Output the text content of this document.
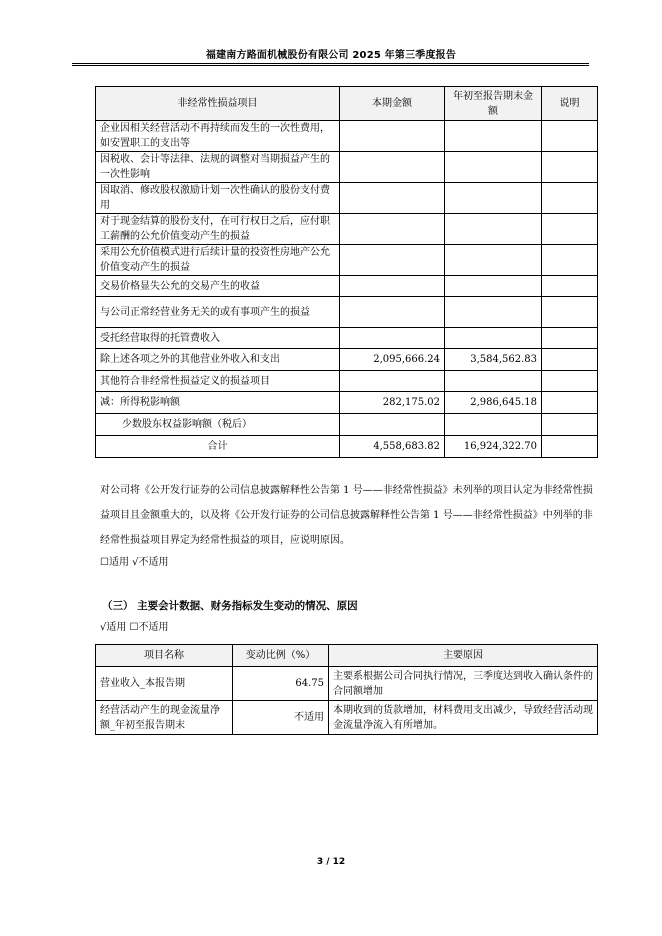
福建南方路面机械股份有限公司 2025 年第三季度报告
非经常性损益项目	本期金额	年初至报告期末金额	说明
企业因相关经营活动不再持续而发生的一次性费用，如安置职工的支出等			
因税收、会计等法律、法规的调整对当期损益产生的一次性影响			
因取消、修改股权激励计划一次性确认的股份支付费用			
对于现金结算的股份支付，在可行权日之后，应付职工薪酬的公允价值变动产生的损益			
采用公允价值模式进行后续计量的投资性房地产公允价值变动产生的损益			
交易价格显失公允的交易产生的收益			
与公司正常经营业务无关的或有事项产生的损益			
受托经营取得的托管费收入			
除上述各项之外的其他营业外收入和支出	2,095,666.24	3,584,562.83	
其他符合非经常性损益定义的损益项目			
减：所得税影响额	282,175.02	2,986,645.18	
少数股东权益影响额（税后）			
合计	4,558,683.82	16,924,322.70	
对公司将《公开发行证券的公司信息披露解释性公告第 1 号——非经常性损益》未列举的项目认定为非经常性损益项目且金额重大的，以及将《公开发行证券的公司信息披露解释性公告第 1 号——非经常性损益》中列举的非经常性损益项目界定为经常性损益的项目，应说明原因。
☐适用 √不适用
（三） 主要会计数据、财务指标发生变动的情况、原因
√适用 ☐不适用
项目名称	变动比例（%）	主要原因
营业收入_本报告期	64.75	主要系根据公司合同执行情况，三季度达到收入确认条件的合同额增加
经营活动产生的现金流量净额_年初至报告期末	不适用	本期收到的货款增加，材料费用支出减少，导致经营活动现金流量净流入有所增加。
3 / 12
